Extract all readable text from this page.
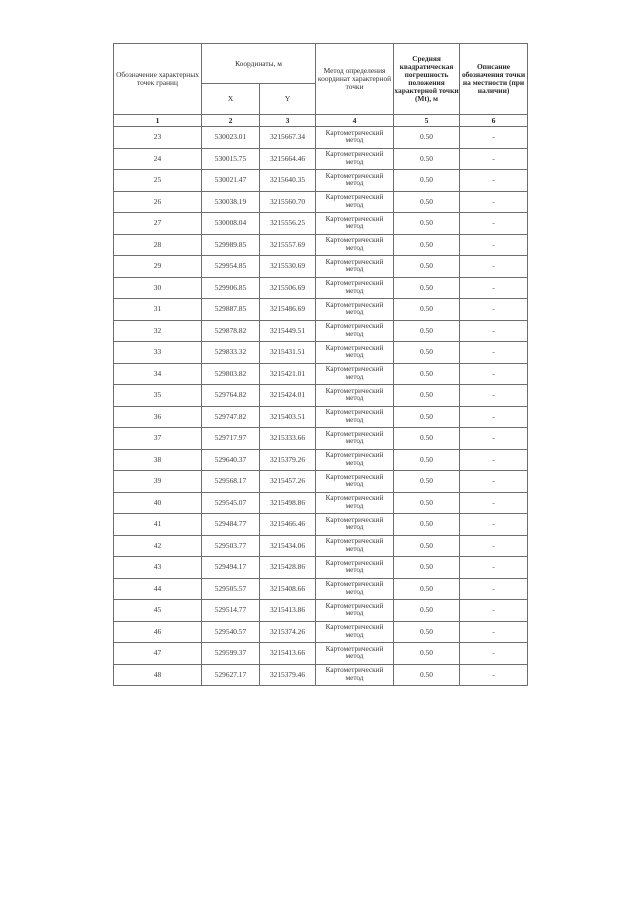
Обозначение характерных точек границ	Координаты, м		Метод определения координат характерной точки	Средняя квадратическая погрешность положения характерной точки (Mt), м	Описание обозначения точки на местности (при наличии)
	X	Y			
1	2	3	4	5	6
23	530023.01	3215667.34	Картометрический метод	0.50	-
24	530015.75	3215664.46	Картометрический метод	0.50	-
25	530021.47	3215640.35	Картометрический метод	0.50	-
26	530038.19	3215560.70	Картометрический метод	0.50	-
27	530008.04	3215556.25	Картометрический метод	0.50	-
28	529989.85	3215557.69	Картометрический метод	0.50	-
29	529954.85	3215530.69	Картометрический метод	0.50	-
30	529906.85	3215506.69	Картометрический метод	0.50	-
31	529887.85	3215486.69	Картометрический метод	0.50	-
32	529878.82	3215449.51	Картометрический метод	0.50	-
33	529833.32	3215431.51	Картометрический метод	0.50	-
34	529803.82	3215421.01	Картометрический метод	0.50	-
35	529764.82	3215424.01	Картометрический метод	0.50	-
36	529747.82	3215403.51	Картометрический метод	0.50	-
37	529717.97	3215333.66	Картометрический метод	0.50	-
38	529640.37	3215379.26	Картометрический метод	0.50	-
39	529568.17	3215457.26	Картометрический метод	0.50	-
40	529545.07	3215498.86	Картометрический метод	0.50	-
41	529484.77	3215466.46	Картометрический метод	0.50	-
42	529503.77	3215434.06	Картометрический метод	0.50	-
43	529494.17	3215428.86	Картометрический метод	0.50	-
44	529505.57	3215408.66	Картометрический метод	0.50	-
45	529514.77	3215413.86	Картометрический метод	0.50	-
46	529540.57	3215374.26	Картометрический метод	0.50	-
47	529599.37	3215413.66	Картометрический метод	0.50	-
48	529627.17	3215379.46	Картометрический метод	0.50	-
